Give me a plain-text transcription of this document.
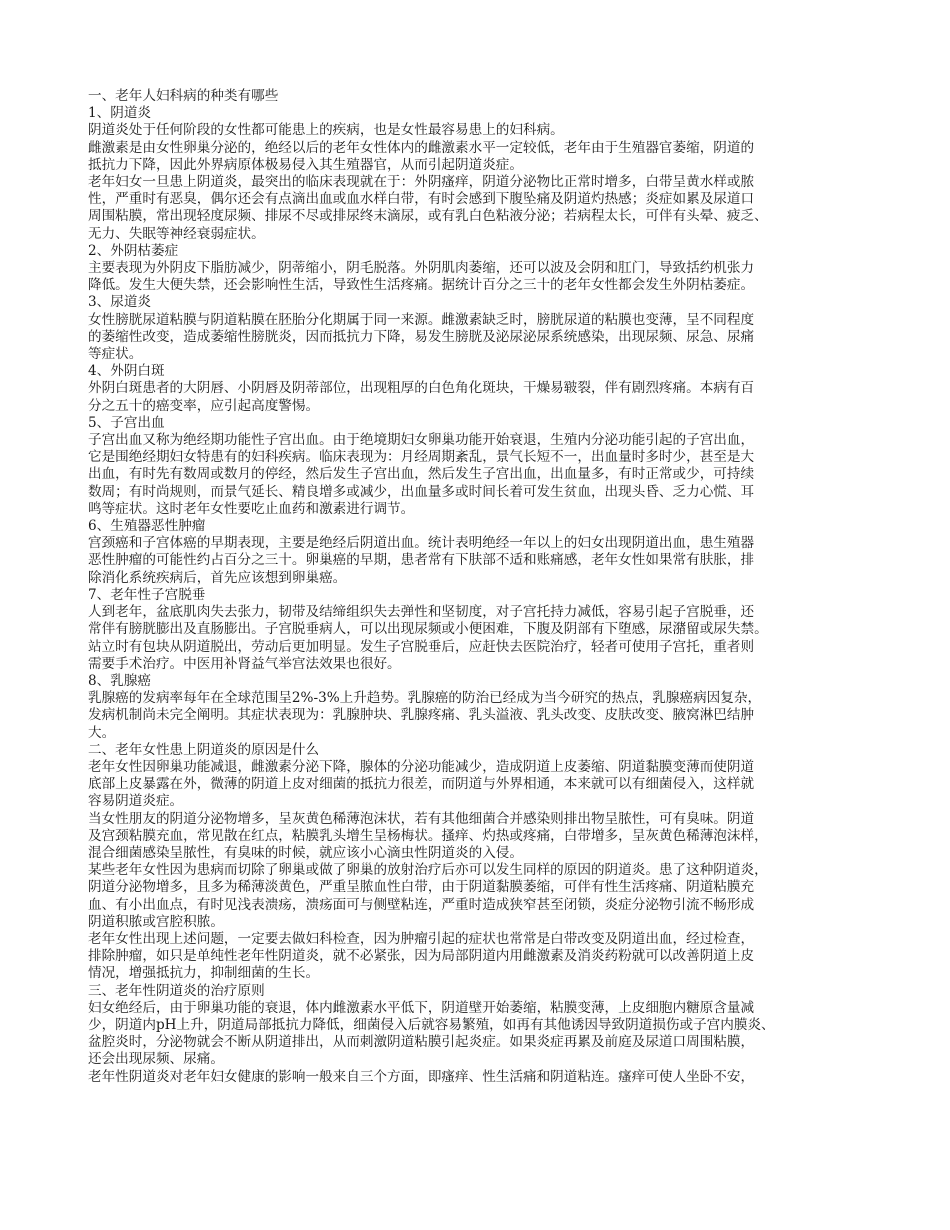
一、老年人妇科病的种类有哪些
1、阴道炎
阴道炎处于任何阶段的女性都可能患上的疾病，也是女性最容易患上的妇科病。
雌激素是由女性卵巢分泌的，绝经以后的老年女性体内的雌激素水平一定较低，老年由于生殖器官萎缩，阴道的
抵抗力下降，因此外界病原体极易侵入其生殖器官，从而引起阴道炎症。
老年妇女一旦患上阴道炎，最突出的临床表现就在于：外阴瘙痒，阴道分泌物比正常时增多，白带呈黄水样或脓
性，严重时有恶臭，偶尔还会有点滴出血或血水样白带，有时会感到下腹坠痛及阴道灼热感；炎症如累及尿道口
周围粘膜，常出现轻度尿频、排尿不尽或排尿终末滴尿，或有乳白色粘液分泌；若病程太长，可伴有头晕、疲乏、
无力、失眠等神经衰弱症状。
2、外阴枯萎症
主要表现为外阴皮下脂肪减少，阴蒂缩小，阴毛脱落。外阴肌肉萎缩，还可以波及会阴和肛门，导致括约机张力
降低。发生大便失禁，还会影响性生活，导致性生活疼痛。据统计百分之三十的老年女性都会发生外阴枯萎症。
3、尿道炎
女性膀胱尿道粘膜与阴道粘膜在胚胎分化期属于同一来源。雌激素缺乏时，膀胱尿道的粘膜也变薄，呈不同程度
的萎缩性改变，造成萎缩性膀胱炎，因而抵抗力下降，易发生膀胱及泌尿泌尿系统感染，出现尿频、尿急、尿痛
等症状。
4、外阴白斑
外阴白斑患者的大阴唇、小阴唇及阴蒂部位，出现粗厚的白色角化斑块，干燥易皲裂，伴有剧烈疼痛。本病有百
分之五十的癌变率，应引起高度警惕。
5、子宫出血
子宫出血又称为绝经期功能性子宫出血。由于绝境期妇女卵巢功能开始衰退，生殖内分泌功能引起的子宫出血，
它是围绝经期妇女特患有的妇科疾病。临床表现为：月经周期紊乱，景气长短不一，出血量时多时少，甚至是大
出血，有时先有数周或数月的停经，然后发生子宫出血，然后发生子宫出血，出血量多，有时正常或少，可持续
数周；有时尚规则，而景气延长、精良增多或减少，出血量多或时间长着可发生贫血，出现头昏、乏力心慌、耳
鸣等症状。这时老年女性要吃止血药和激素进行调节。
6、生殖器恶性肿瘤
宫颈癌和子宫体癌的早期表现，主要是绝经后阴道出血。统计表明绝经一年以上的妇女出现阴道出血，患生殖器
恶性肿瘤的可能性约占百分之三十。卵巢癌的早期，患者常有下肤部不适和账痛感，老年女性如果常有肤胀，排
除消化系统疾病后，首先应该想到卵巢癌。
7、老年性子宫脱垂
人到老年，盆底肌肉失去张力，韧带及结缔组织失去弹性和坚韧度，对子宫托持力减低，容易引起子宫脱垂，还
常伴有膀胱膨出及直肠膨出。子宫脱垂病人，可以出现尿频或小便困难，下腹及阴部有下堕感，尿潴留或尿失禁。
站立时有包块从阴道脱出，劳动后更加明显。发生子宫脱垂后，应赶快去医院治疗，轻者可使用子宫托，重者则
需要手术治疗。中医用补肾益气举宫法效果也很好。
8、乳腺癌
乳腺癌的发病率每年在全球范围呈2%-3%上升趋势。乳腺癌的防治已经成为当今研究的热点，乳腺癌病因复杂，
发病机制尚未完全阐明。其症状表现为：乳腺肿块、乳腺疼痛、乳头溢液、乳头改变、皮肤改变、腋窝淋巴结肿
大。
二、老年女性患上阴道炎的原因是什么
老年女性因卵巢功能减退，雌激素分泌下降，腺体的分泌功能减少，造成阴道上皮萎缩、阴道黏膜变薄而使阴道
底部上皮暴露在外，微薄的阴道上皮对细菌的抵抗力很差，而阴道与外界相通，本来就可以有细菌侵入，这样就
容易阴道炎症。
当女性朋友的阴道分泌物增多，呈灰黄色稀薄泡沫状，若有其他细菌合并感染则排出物呈脓性，可有臭味。阴道
及宫颈粘膜充血，常见散在红点，粘膜乳头增生呈杨梅状。搔痒、灼热或疼痛，白带增多，呈灰黄色稀薄泡沫样，
混合细菌感染呈脓性，有臭味的时候，就应该小心滴虫性阴道炎的入侵。
某些老年女性因为患病而切除了卵巢或做了卵巢的放射治疗后亦可以发生同样的原因的阴道炎。患了这种阴道炎，
阴道分泌物增多，且多为稀薄淡黄色，严重呈脓血性白带，由于阴道黏膜萎缩，可伴有性生活疼痛、阴道粘膜充
血、有小出血点，有时见浅表溃疡，溃疡面可与侧壁粘连，严重时造成狭窄甚至闭锁，炎症分泌物引流不畅形成
阴道积脓或宫腔积脓。
老年女性出现上述问题，一定要去做妇科检查，因为肿瘤引起的症状也常常是白带改变及阴道出血，经过检查，
排除肿瘤，如只是单纯性老年性阴道炎，就不必紧张，因为局部阴道内用雌激素及消炎药粉就可以改善阴道上皮
情况，增强抵抗力，抑制细菌的生长。
三、老年性阴道炎的治疗原则
妇女绝经后，由于卵巢功能的衰退，体内雌激素水平低下，阴道壁开始萎缩，粘膜变薄，上皮细胞内糖原含量减
少，阴道内pH上升，阴道局部抵抗力降低，细菌侵入后就容易繁殖，如再有其他诱因导致阴道损伤或子宫内膜炎、
盆腔炎时，分泌物就会不断从阴道排出，从而刺激阴道粘膜引起炎症。如果炎症再累及前庭及尿道口周围粘膜，
还会出现尿频、尿痛。
老年性阴道炎对老年妇女健康的影响一般来自三个方面，即瘙痒、性生活痛和阴道粘连。瘙痒可使人坐卧不安，
